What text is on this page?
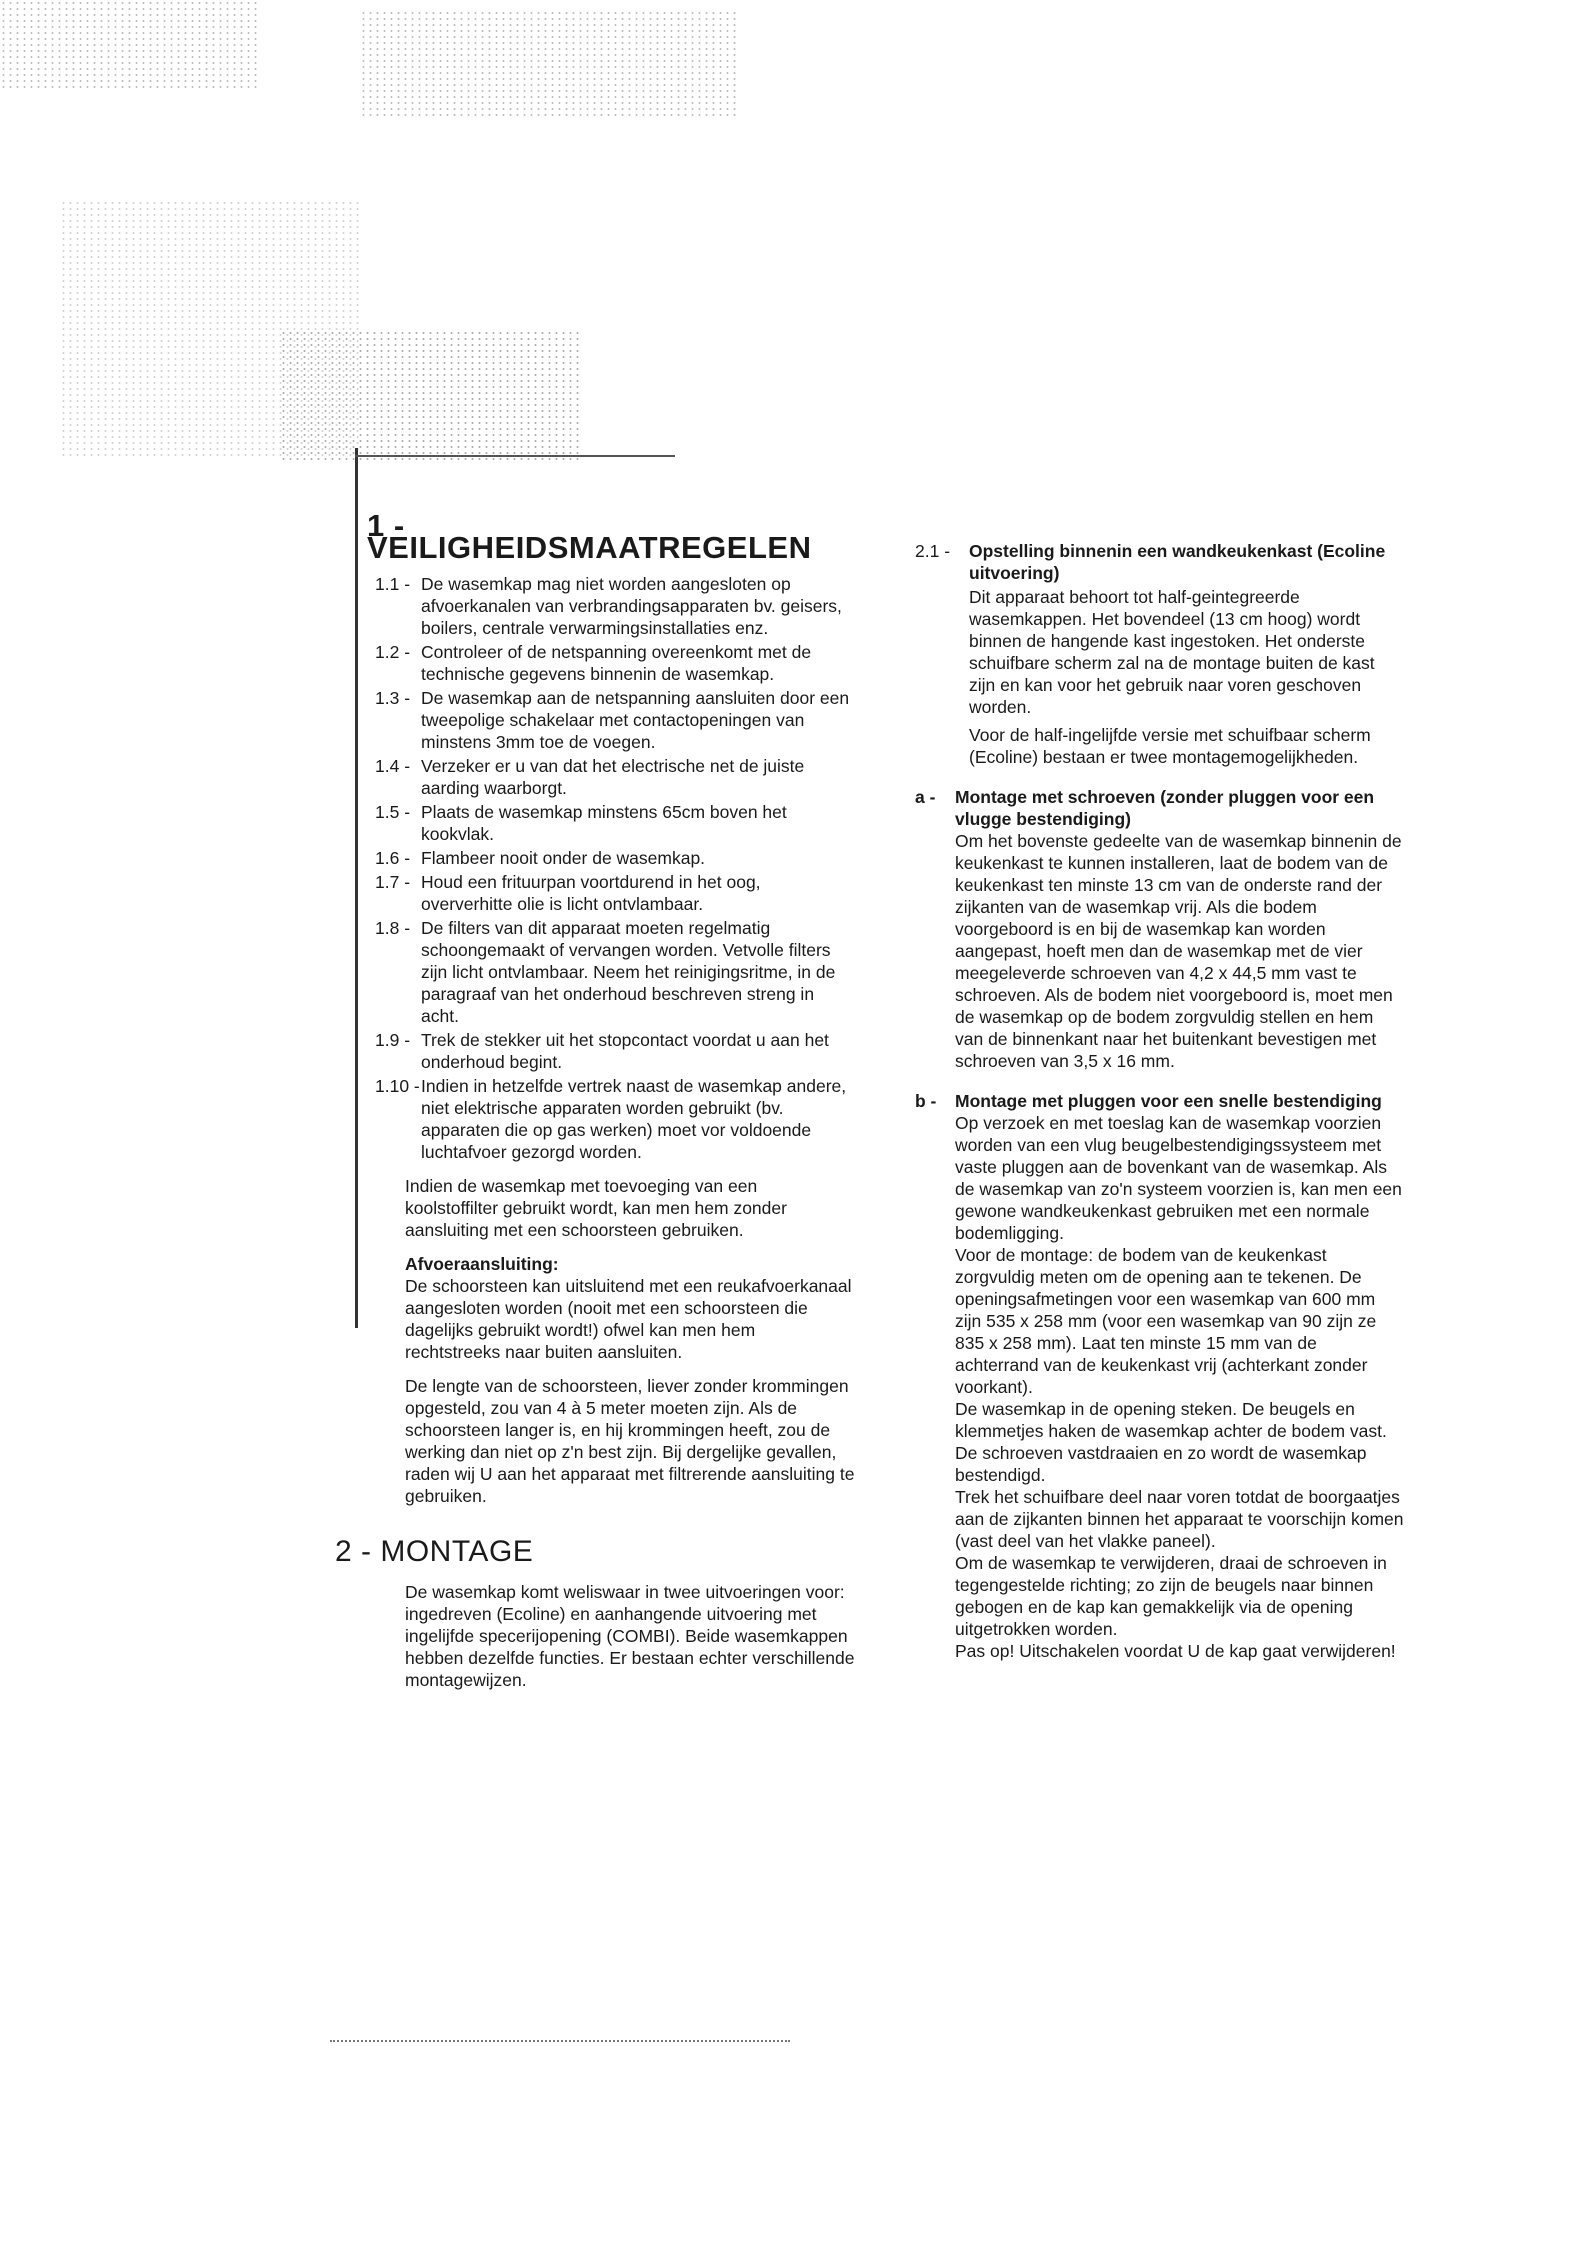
1 - VEILIGHEIDSMAATREGELEN
1.1 - De wasemkap mag niet worden aangesloten op afvoerkanalen van verbrandingsapparaten bv. geisers, boilers, centrale verwarmingsinstallaties enz.
1.2 - Controleer of de netspanning overeenkomt met de technische gegevens binnenin de wasemkap.
1.3 - De wasemkap aan de netspanning aansluiten door een tweepolige schakelaar met contactopeningen van minstens 3mm toe de voegen.
1.4 - Verzeker er u van dat het electrische net de juiste aarding waarborgt.
1.5 - Plaats de wasemkap minstens 65cm boven het kookvlak.
1.6 - Flambeer nooit onder de wasemkap.
1.7 - Houd een frituurpan voortdurend in het oog, oververhitte olie is licht ontvlambaar.
1.8 - De filters van dit apparaat moeten regelmatig schoongemaakt of vervangen worden. Vetvolle filters zijn licht ontvlambaar. Neem het reinigingsritme, in de paragraaf van het onderhoud beschreven streng in acht.
1.9 - Trek de stekker uit het stopcontact voordat u aan het onderhoud begint.
1.10 - Indien in hetzelfde vertrek naast de wasemkap andere, niet elektrische apparaten worden gebruikt (bv. apparaten die op gas werken) moet vor voldoende luchtafvoer gezorgd worden.
Indien de wasemkap met toevoeging van een koolstoffilter gebruikt wordt, kan men hem zonder aansluiting met een schoorsteen gebruiken.
Afvoeraansluiting:
De schoorsteen kan uitsluitend met een reukafvoerkanaal aangesloten worden (nooit met een schoorsteen die dagelijks gebruikt wordt!) ofwel kan men hem rechtstreeks naar buiten aansluiten.
De lengte van de schoorsteen, liever zonder krommingen opgesteld, zou van 4 à 5 meter moeten zijn. Als de schoorsteen langer is, en hij krommingen heeft, zou de werking dan niet op z'n best zijn. Bij dergelijke gevallen, raden wij U aan het apparaat met filtrerende aansluiting te gebruiken.
2 - MONTAGE
De wasemkap komt weliswaar in twee uitvoeringen voor: ingedreven (Ecoline) en aanhangende uitvoering met ingelijfde specerijopening (COMBI). Beide wasemkappen hebben dezelfde functies. Er bestaan echter verschillende montagewijzen.
2.1 -	Opstelling binnenin een wandkeukenkast (Ecoline uitvoering)
Dit apparaat behoort tot half-geintegreerde wasemkappen. Het bovendeel (13 cm hoog) wordt binnen de hangende kast ingestoken. Het onderste schuifbare scherm zal na de montage buiten de kast zijn en kan voor het gebruik naar voren geschoven worden.
Voor de half-ingelijfde versie met schuifbaar scherm (Ecoline) bestaan er twee montagemogelijkheden.
a -	Montage met schroeven (zonder pluggen voor een vlugge bestendiging)
Om het bovenste gedeelte van de wasemkap binnenin de keukenkast te kunnen installeren, laat de bodem van de keukenkast ten minste 13 cm van de onderste rand der zijkanten van de wasemkap vrij. Als die bodem voorgeboord is en bij de wasemkap kan worden aangepast, hoeft men dan de wasemkap met de vier meegeleverde schroeven van 4,2 x 44,5 mm vast te schroeven. Als de bodem niet voorgeboord is, moet men de wasemkap op de bodem zorgvuldig stellen en hem van de binnenkant naar het buitenkant bevestigen met schroeven van 3,5 x 16 mm.
b -	Montage met pluggen voor een snelle bestendiging
Op verzoek en met toeslag kan de wasemkap voorzien worden van een vlug beugelbestendigingssysteem met vaste pluggen aan de bovenkant van de wasemkap. Als de wasemkap van zo'n systeem voorzien is, kan men een gewone wandkeukenkast gebruiken met een normale bodemligging.
Voor de montage: de bodem van de keukenkast zorgvuldig meten om de opening aan te tekenen. De openingsafmetingen voor een wasemkap van 600 mm zijn 535 x 258 mm (voor een wasemkap van 90 zijn ze 835 x 258 mm). Laat ten minste 15 mm van de achterrand van de keukenkast vrij (achterkant zonder voorkant).
De wasemkap in de opening steken. De beugels en klemmetjes haken de wasemkap achter de bodem vast. De schroeven vastdraaien en zo wordt de wasemkap bestendigd.
Trek het schuifbare deel naar voren totdat de boorgaatjes aan de zijkanten binnen het apparaat te voorschijn komen (vast deel van het vlakke paneel).
Om de wasemkap te verwijderen, draai de schroeven in tegengestelde richting; zo zijn de beugels naar binnen gebogen en de kap kan gemakkelijk via de opening uitgetrokken worden.
Pas op! Uitschakelen voordat U de kap gaat verwijderen!
